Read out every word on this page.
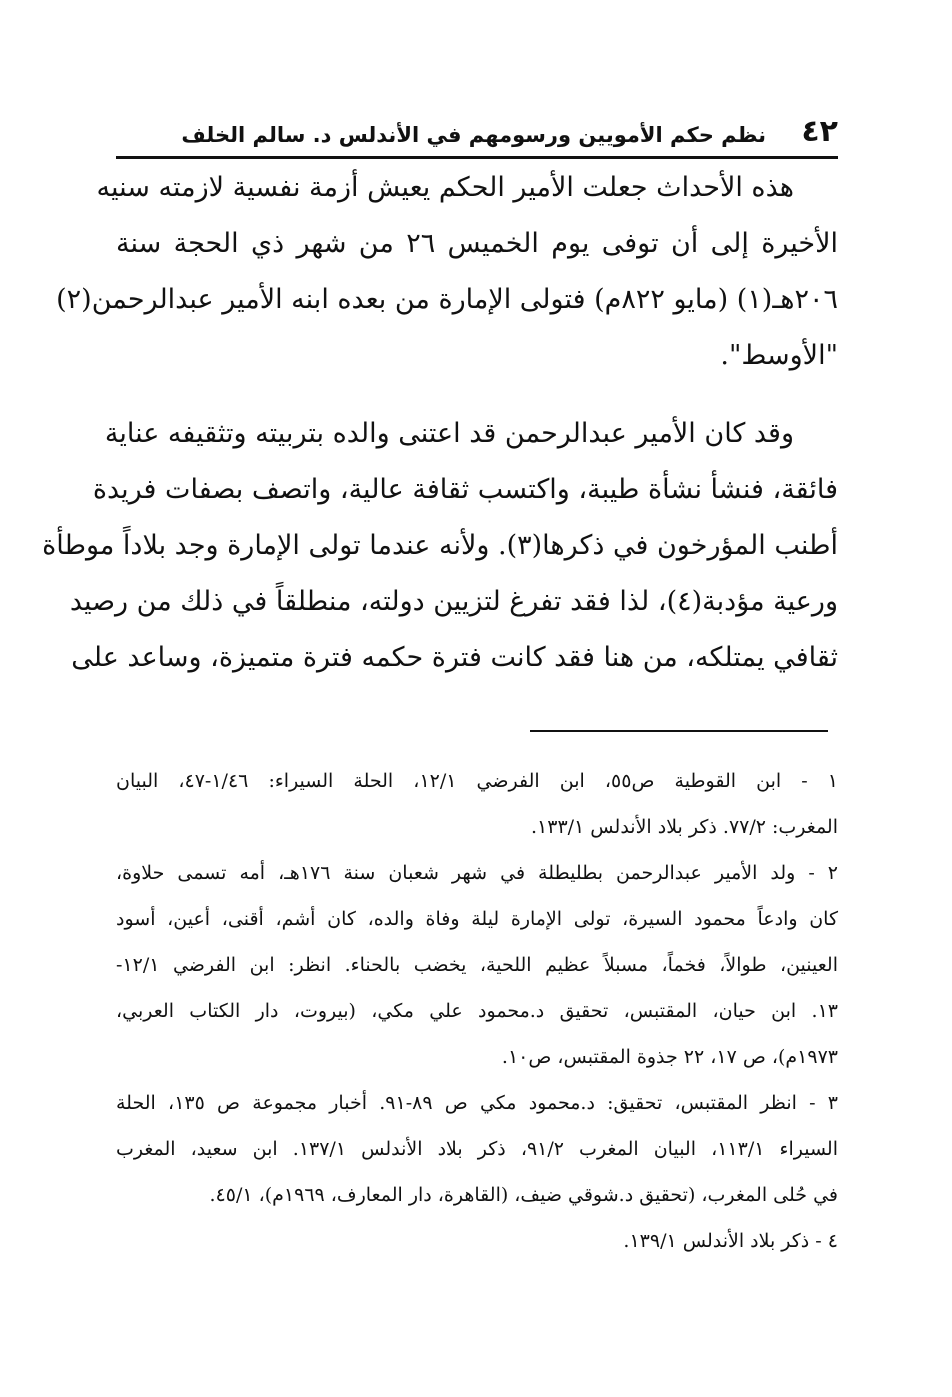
٤٢
نظم حكم الأمويين ورسومهم في الأندلس د. سالم الخلف

هذه الأحداث جعلت الأمير الحكم يعيش أزمة نفسية لازمته سنيه
الأخيرة إلى أن توفى يوم الخميس ٢٦ من شهر ذي الحجة سنة
٢٠٦هـ(١) (مايو ٨٢٢م) فتولى الإمارة من بعده ابنه الأمير عبدالرحمن(٢)
"الأوسط".

وقد كان الأمير عبدالرحمن قد اعتنى والده بتربيته وتثقيفه عناية
فائقة، فنشأ نشأة طيبة، واكتسب ثقافة عالية، واتصف بصفات فريدة
أطنب المؤرخون في ذكرها(٣). ولأنه عندما تولى الإمارة وجد بلاداً موطأة
ورعية مؤدبة(٤)، لذا فقد تفرغ لتزيين دولته، منطلقاً في ذلك من رصيد
ثقافي يمتلكه، من هنا فقد كانت فترة حكمه فترة متميزة، وساعد على

١ - ابن القوطية ص٥٥، ابن الفرضي ١٢/١، الحلة السيراء: ١/٤٦-٤٧، البيان
المغرب: ٧٧/٢. ذكر بلاد الأندلس ١٣٣/١.

٢ - ولد الأمير عبدالرحمن بطليطلة في شهر شعبان سنة ١٧٦هـ، أمه تسمى حلاوة،
كان وادعاً محمود السيرة، تولى الإمارة ليلة وفاة والده، كان أشم، أقنى، أعين، أسود
العينين، طوالاً، فخماً، مسبلاً عظيم اللحية، يخضب بالحناء. انظر: ابن الفرضي ١٢/١-
١٣. ابن حيان، المقتبس، تحقيق د.محمود علي مكي، (بيروت، دار الكتاب العربي،
١٩٧٣م)، ص ١٧، ٢٢ جذوة المقتبس، ص١٠.

٣ - انظر المقتبس، تحقيق: د.محمود مكي ص ٨٩-٩١. أخبار مجموعة ص ١٣٥، الحلة
السيراء ١١٣/١، البيان المغرب ٩١/٢، ذكر بلاد الأندلس ١٣٧/١. ابن سعيد، المغرب
في حُلى المغرب، (تحقيق د.شوقي ضيف، (القاهرة، دار المعارف، ١٩٦٩م)، ٤٥/١.

٤ - ذكر بلاد الأندلس ١٣٩/١.
